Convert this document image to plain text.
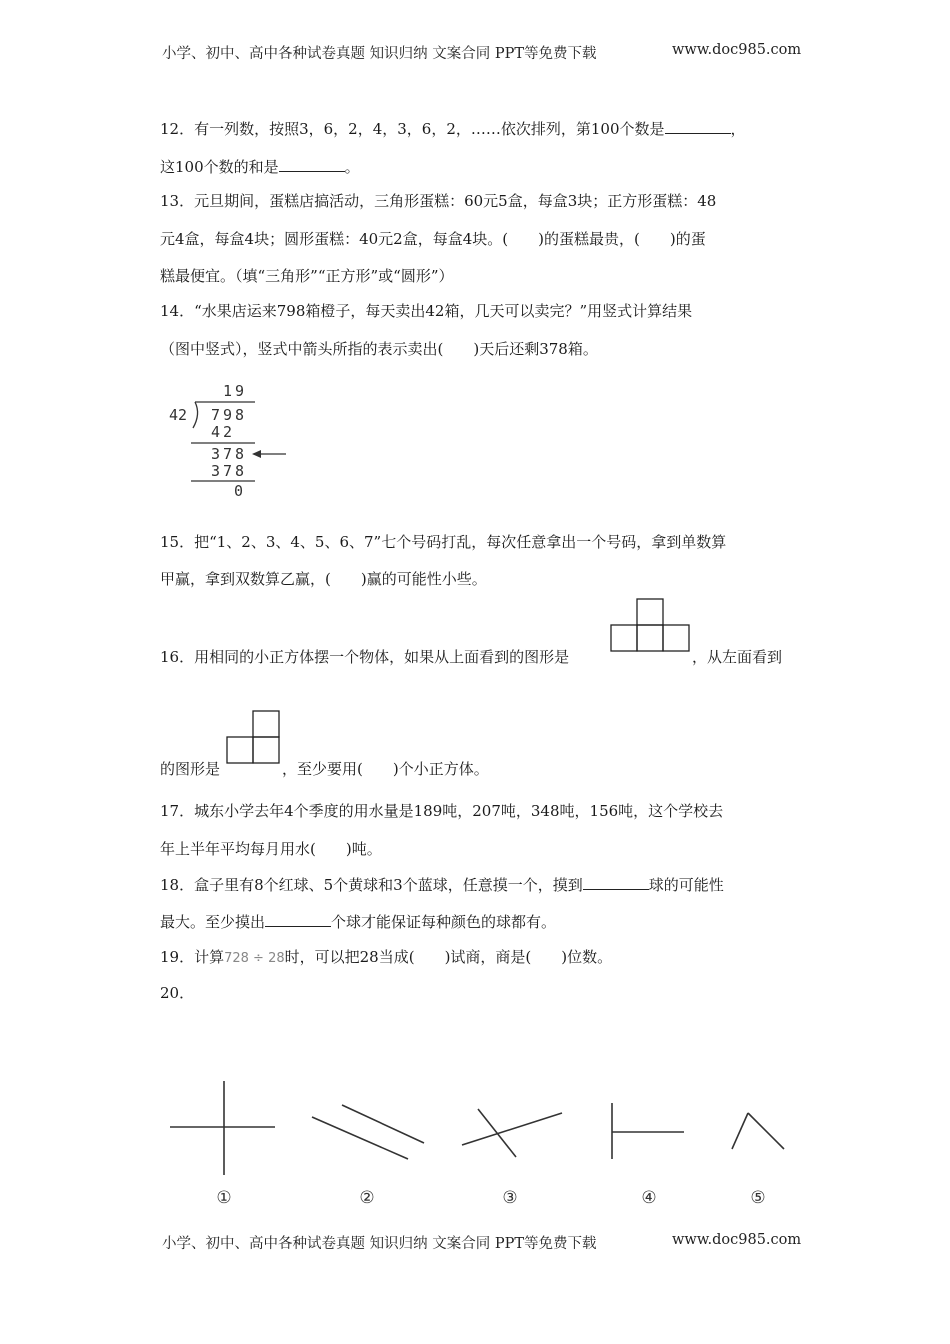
小学、初中、高中各种试卷真题 知识归纳 文案合同 PPT等免费下载	www.doc985.com
12．有一列数，按照3，6，2，4，3，6，2，……依次排列，第100个数是	，
这100个数的和是	。
13．元旦期间，蛋糕店搞活动，三角形蛋糕：60元5盒，每盒3块；正方形蛋糕：48
元4盒，每盒4块；圆形蛋糕：40元2盒，每盒4块。( )的蛋糕最贵，( )的蛋
糕最便宜。（填“三角形”“正方形”或“圆形”）
14．“水果店运来798箱橙子，每天卖出42箱，几天可以卖完？”用竖式计算结果
（图中竖式），竖式中箭头所指的表示卖出( )天后还剩378箱。
19
42 798
42
378
378
0
15．把“1、2、3、4、5、6、7”七个号码打乱，每次任意拿出一个号码，拿到单数算
甲赢，拿到双数算乙赢，( )赢的可能性小些。
16．用相同的小正方体摆一个物体，如果从上面看到的图形是	，从左面看到
的图形是	，至少要用( )个小正方体。
17．城东小学去年4个季度的用水量是189吨，207吨，348吨，156吨，这个学校去
年上半年平均每月用水( )吨。
18．盒子里有8个红球、5个黄球和3个蓝球，任意摸一个，摸到	球的可能性
最大。至少摸出	个球才能保证每种颜色的球都有。
19．计算728 ÷ 28时，可以把28当成( )试商，商是( )位数。
20．
①	②	③	④	⑤
小学、初中、高中各种试卷真题 知识归纳 文案合同 PPT等免费下载	www.doc985.com
